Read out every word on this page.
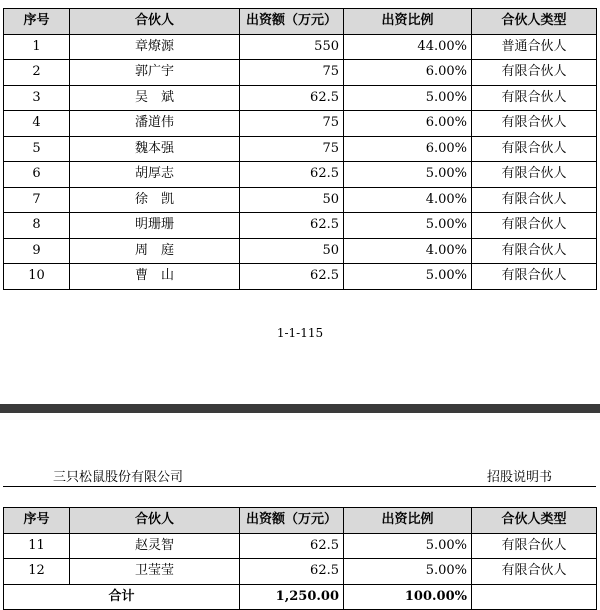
序号	合伙人	出资额（万元）	出资比例	合伙人类型
1	章燎源	550	44.00%	普通合伙人
2	郭广宇	75	6.00%	有限合伙人
3	吴　斌	62.5	5.00%	有限合伙人
4	潘道伟	75	6.00%	有限合伙人
5	魏本强	75	6.00%	有限合伙人
6	胡厚志	62.5	5.00%	有限合伙人
7	徐　凯	50	4.00%	有限合伙人
8	明珊珊	62.5	5.00%	有限合伙人
9	周　庭	50	4.00%	有限合伙人
10	曹　山	62.5	5.00%	有限合伙人
1-1-115
三只松鼠股份有限公司	招股说明书
序号	合伙人	出资额（万元）	出资比例	合伙人类型
11	赵灵智	62.5	5.00%	有限合伙人
12	卫莹莹	62.5	5.00%	有限合伙人
合计		1,250.00	100.00%	
